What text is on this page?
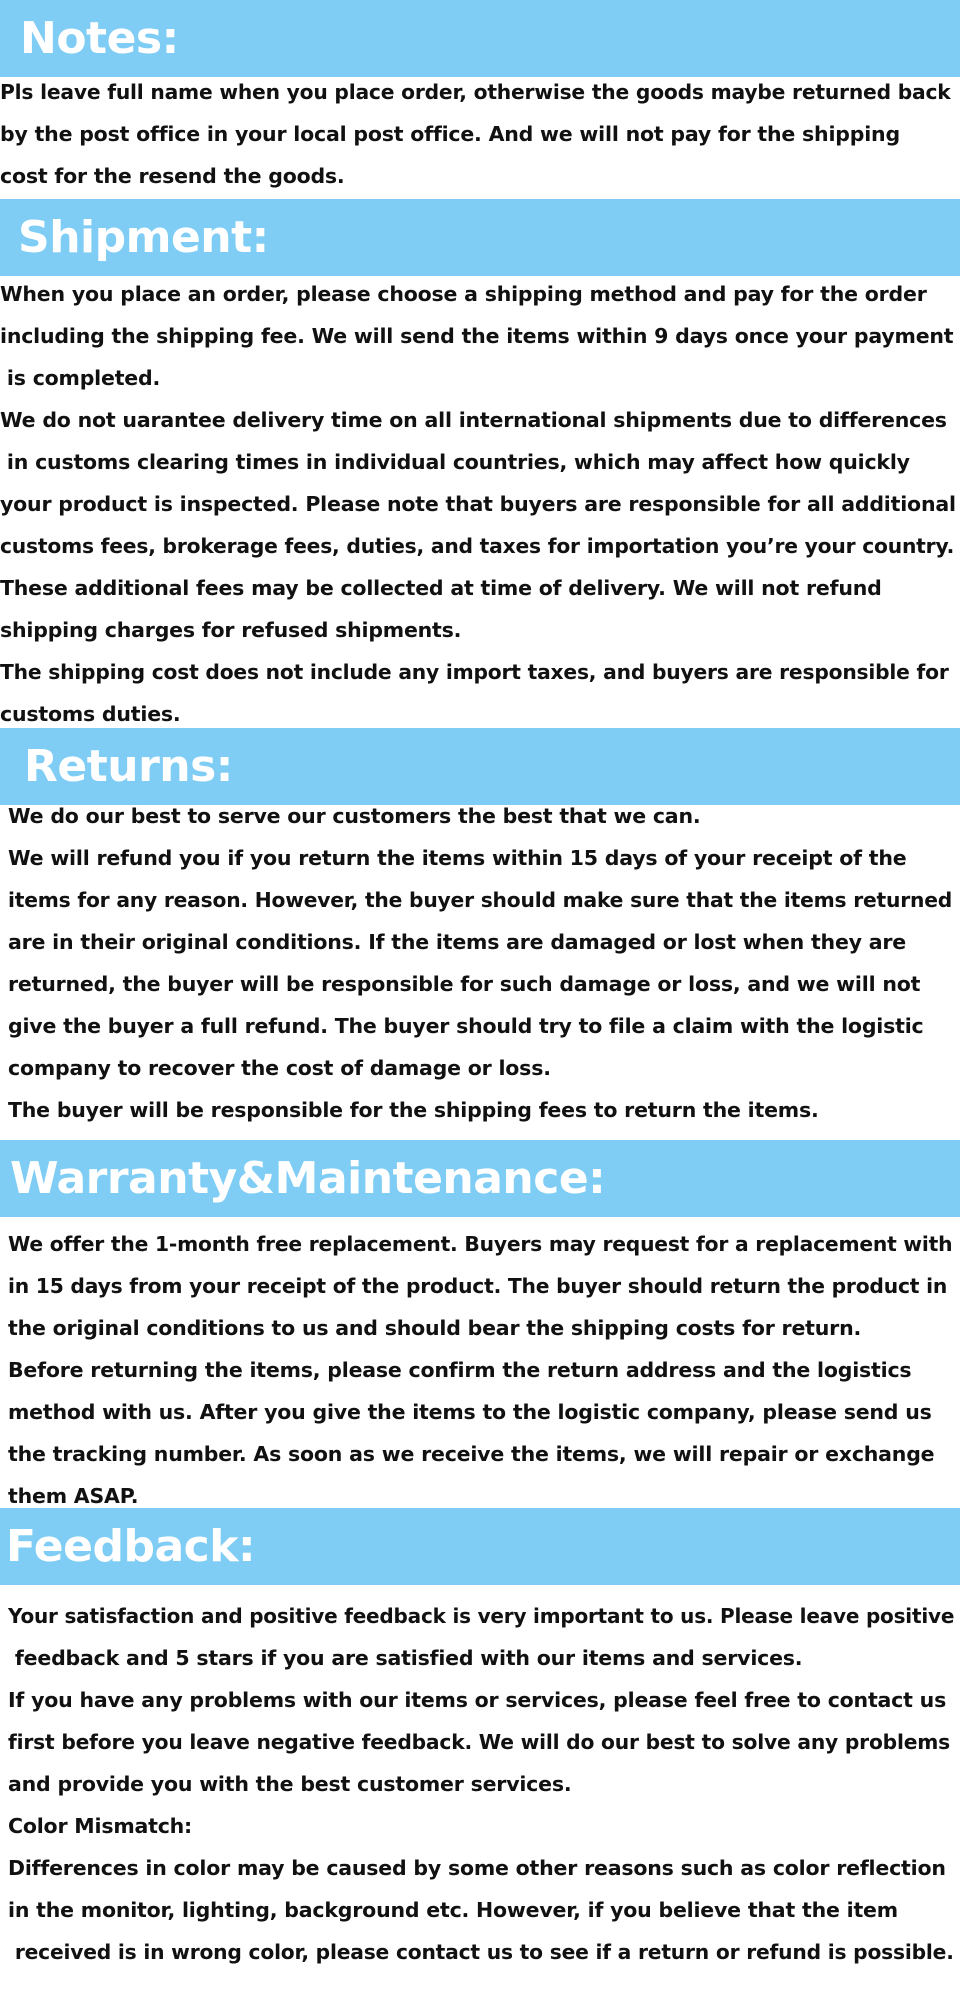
Notes:
Pls leave full name when you place order, otherwise the goods maybe returned back
by the post office in your local post office. And we will not pay for the shipping
cost for the resend the goods.
Shipment:
When you place an order, please choose a shipping method and pay for the order
including the shipping fee. We will send the items within 9 days once your payment
is completed.
We do not uarantee delivery time on all international shipments due to differences
in customs clearing times in individual countries, which may affect how quickly
your product is inspected. Please note that buyers are responsible for all additional
customs fees, brokerage fees, duties, and taxes for importation you’re your country.
These additional fees may be collected at time of delivery. We will not refund
shipping charges for refused shipments.
The shipping cost does not include any import taxes, and buyers are responsible for
customs duties.
Returns:
We do our best to serve our customers the best that we can.
We will refund you if you return the items within 15 days of your receipt of the
items for any reason. However, the buyer should make sure that the items returned
are in their original conditions. If the items are damaged or lost when they are
returned, the buyer will be responsible for such damage or loss, and we will not
give the buyer a full refund. The buyer should try to file a claim with the logistic
company to recover the cost of damage or loss.
The buyer will be responsible for the shipping fees to return the items.
Warranty&Maintenance:
We offer the 1-month free replacement. Buyers may request for a replacement with
in 15 days from your receipt of the product. The buyer should return the product in
the original conditions to us and should bear the shipping costs for return.
Before returning the items, please confirm the return address and the logistics
method with us. After you give the items to the logistic company, please send us
the tracking number. As soon as we receive the items, we will repair or exchange
them ASAP.
Feedback:
Your satisfaction and positive feedback is very important to us. Please leave positive
feedback and 5 stars if you are satisfied with our items and services.
If you have any problems with our items or services, please feel free to contact us
first before you leave negative feedback. We will do our best to solve any problems
and provide you with the best customer services.
Color Mismatch:
Differences in color may be caused by some other reasons such as color reflection
in the monitor, lighting, background etc. However, if you believe that the item
received is in wrong color, please contact us to see if a return or refund is possible.
